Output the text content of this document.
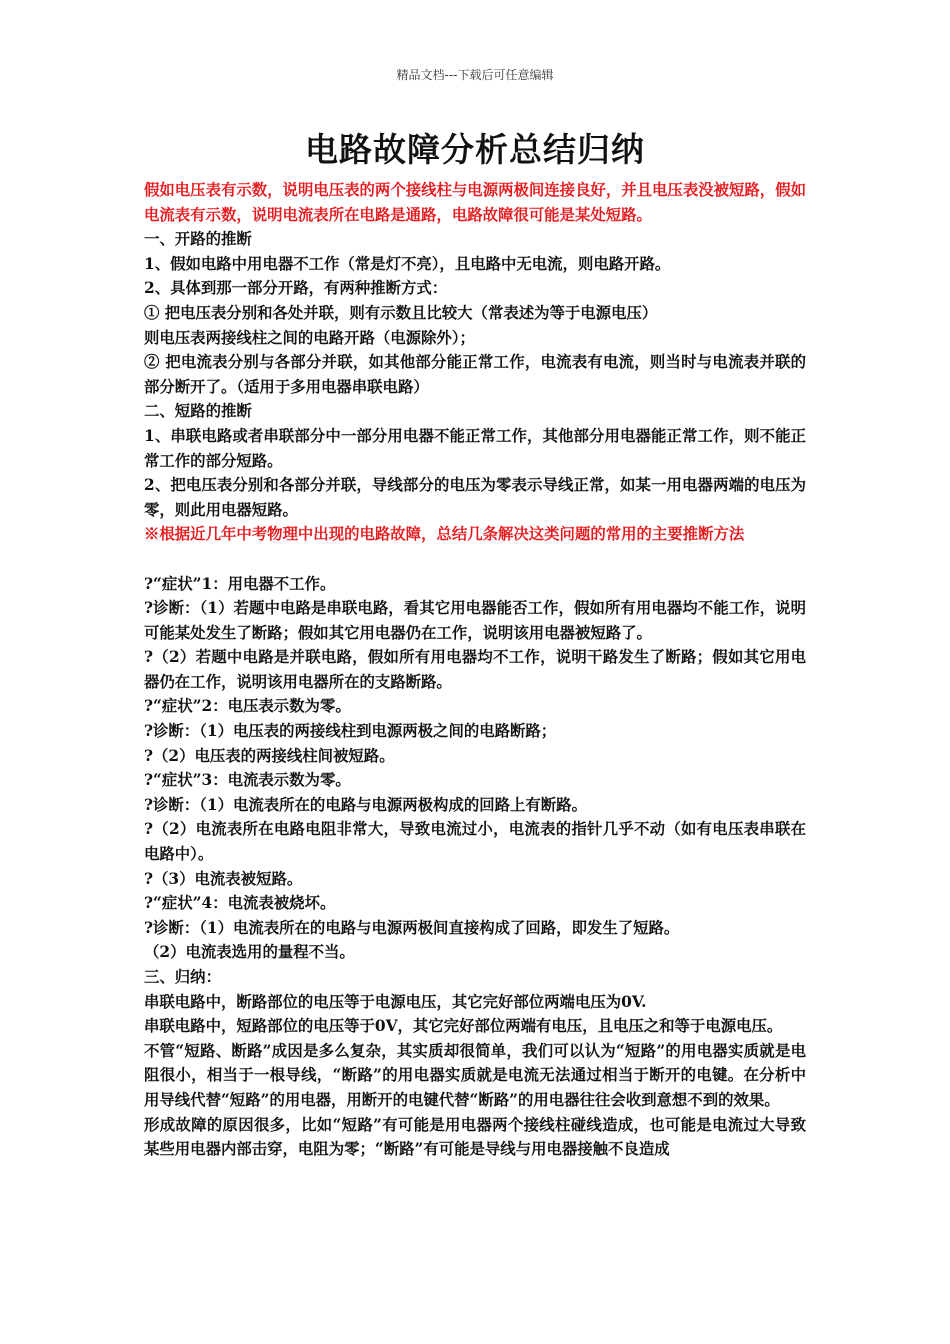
精品文档---下载后可任意编辑
电路故障分析总结归纳

假如电压表有示数，说明电压表的两个接线柱与电源两极间连接良好，并且电压表没被短路，假如电流表有示数，说明电流表所在电路是通路，电路故障很可能是某处短路。

一、开路的推断

1、假如电路中用电器不工作（常是灯不亮），且电路中无电流，则电路开路。

2、具体到那一部分开路，有两种推断方式：

① 把电压表分别和各处并联，则有示数且比较大（常表述为等于电源电压）

则电压表两接线柱之间的电路开路（电源除外）；

② 把电流表分别与各部分并联，如其他部分能正常工作，电流表有电流，则当时与电流表并联的部分断开了。（适用于多用电器串联电路）

二、短路的推断

1、串联电路或者串联部分中一部分用电器不能正常工作，其他部分用电器能正常工作，则不能正常工作的部分短路。

2、把电压表分别和各部分并联，导线部分的电压为零表示导线正常，如某一用电器两端的电压为零，则此用电器短路。

※根据近几年中考物理中出现的电路故障，总结几条解决这类问题的常用的主要推断方法

?“症状”1：用电器不工作。

?诊断：（1）若题中电路是串联电路，看其它用电器能否工作，假如所有用电器均不能工作，说明可能某处发生了断路；假如其它用电器仍在工作，说明该用电器被短路了。

?（2）若题中电路是并联电路，假如所有用电器均不工作，说明干路发生了断路；假如其它用电器仍在工作，说明该用电器所在的支路断路。

?“症状”2：电压表示数为零。

?诊断：（1）电压表的两接线柱到电源两极之间的电路断路；

?（2）电压表的两接线柱间被短路。

?“症状”3：电流表示数为零。

?诊断：（1）电流表所在的电路与电源两极构成的回路上有断路。

?（2）电流表所在电路电阻非常大，导致电流过小，电流表的指针几乎不动（如有电压表串联在电路中）。

?（3）电流表被短路。

?“症状”4：电流表被烧坏。

?诊断：（1）电流表所在的电路与电源两极间直接构成了回路，即发生了短路。

（2）电流表选用的量程不当。

三、归纳：

串联电路中，断路部位的电压等于电源电压，其它完好部位两端电压为0V.

串联电路中，短路部位的电压等于0V，其它完好部位两端有电压，且电压之和等于电源电压。

不管“短路、断路”成因是多么复杂，其实质却很简单，我们可以认为“短路”的用电器实质就是电阻很小，相当于一根导线，“断路”的用电器实质就是电流无法通过相当于断开的电键。在分析中用导线代替“短路”的用电器，用断开的电键代替“断路”的用电器往往会收到意想不到的效果。

形成故障的原因很多，比如“短路”有可能是用电器两个接线柱碰线造成，也可能是电流过大导致某些用电器内部击穿，电阻为零；“断路”有可能是导线与用电器接触不良造成
